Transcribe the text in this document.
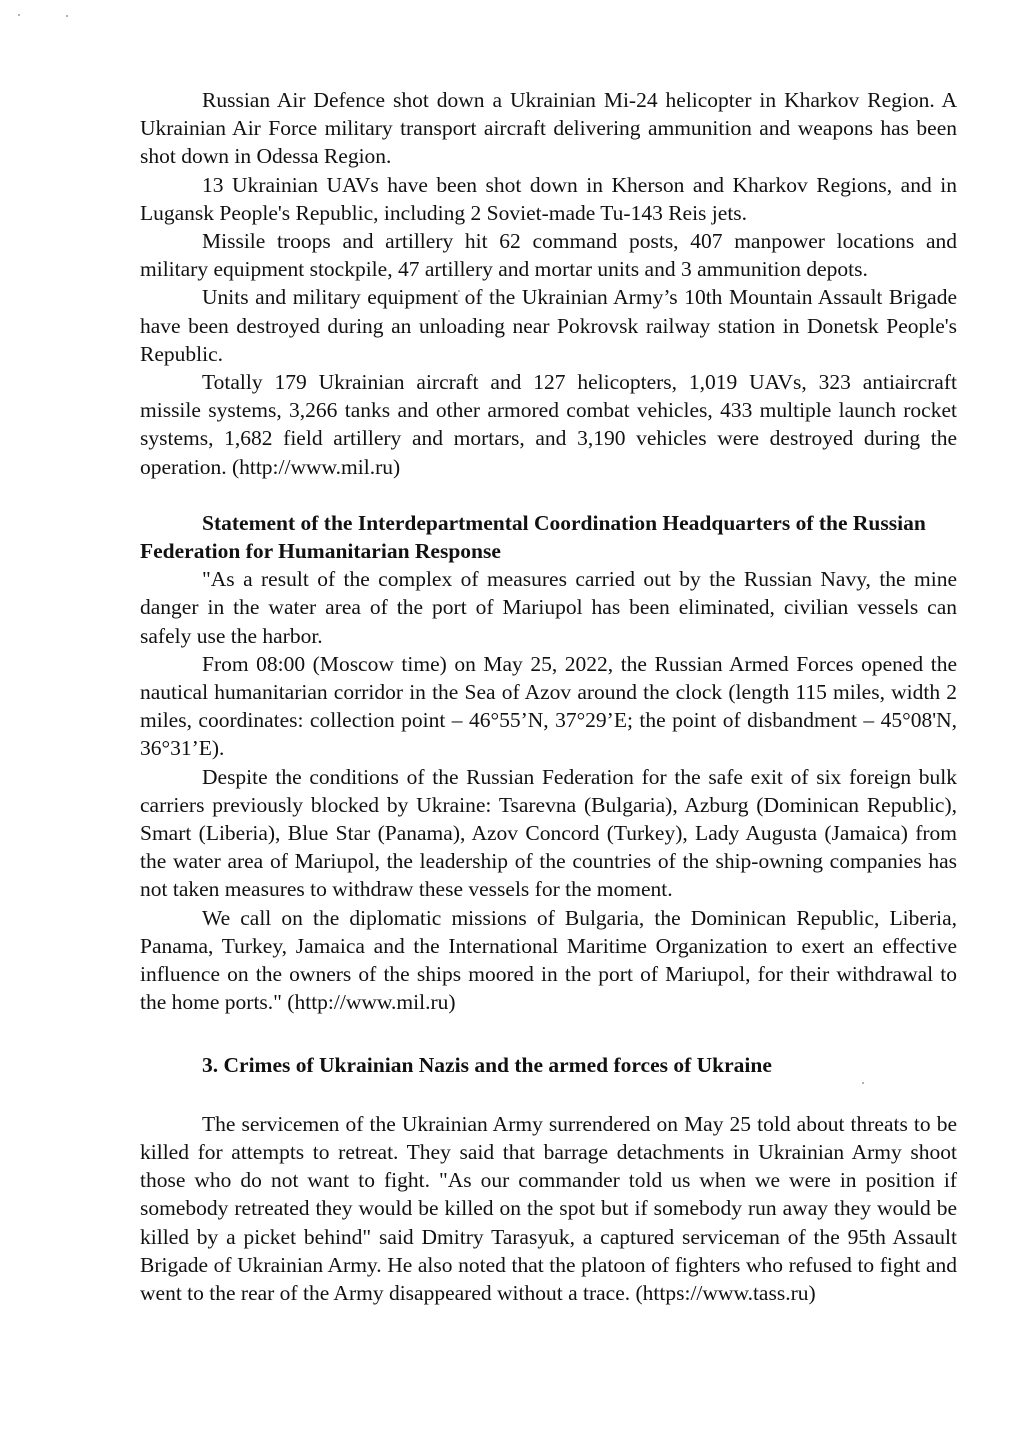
Russian Air Defence shot down a Ukrainian Mi-24 helicopter in Kharkov Region. A Ukrainian Air Force military transport aircraft delivering ammunition and weapons has been shot down in Odessa Region.

13 Ukrainian UAVs have been shot down in Kherson and Kharkov Regions, and in Lugansk People's Republic, including 2 Soviet-made Tu-143 Reis jets.

Missile troops and artillery hit 62 command posts, 407 manpower locations and military equipment stockpile, 47 artillery and mortar units and 3 ammunition depots.

Units and military equipment of the Ukrainian Army’s 10th Mountain Assault Brigade have been destroyed during an unloading near Pokrovsk railway station in Donetsk People's Republic.

Totally 179 Ukrainian aircraft and 127 helicopters, 1,019 UAVs, 323 antiaircraft missile systems, 3,266 tanks and other armored combat vehicles, 433 multiple launch rocket systems, 1,682 field artillery and mortars, and 3,190 vehicles were destroyed during the operation. (http://www.mil.ru)

Statement of the Interdepartmental Coordination Headquarters of the Russian Federation for Humanitarian Response

"As a result of the complex of measures carried out by the Russian Navy, the mine danger in the water area of the port of Mariupol has been eliminated, civilian vessels can safely use the harbor.

From 08:00 (Moscow time) on May 25, 2022, the Russian Armed Forces opened the nautical humanitarian corridor in the Sea of Azov around the clock (length 115 miles, width 2 miles, coordinates: collection point – 46°55’N, 37°29’E; the point of disbandment – 45°08'N, 36°31’E).

Despite the conditions of the Russian Federation for the safe exit of six foreign bulk carriers previously blocked by Ukraine: Tsarevna (Bulgaria), Azburg (Dominican Republic), Smart (Liberia), Blue Star (Panama), Azov Concord (Turkey), Lady Augusta (Jamaica) from the water area of Mariupol, the leadership of the countries of the ship-owning companies has not taken measures to withdraw these vessels for the moment.

We call on the diplomatic missions of Bulgaria, the Dominican Republic, Liberia, Panama, Turkey, Jamaica and the International Maritime Organization to exert an effective influence on the owners of the ships moored in the port of Mariupol, for their withdrawal to the home ports." (http://www.mil.ru)

3. Crimes of Ukrainian Nazis and the armed forces of Ukraine

The servicemen of the Ukrainian Army surrendered on May 25 told about threats to be killed for attempts to retreat. They said that barrage detachments in Ukrainian Army shoot those who do not want to fight. "As our commander told us when we were in position if somebody retreated they would be killed on the spot but if somebody run away they would be killed by a picket behind" said Dmitry Tarasyuk, a captured serviceman of the 95th Assault Brigade of Ukrainian Army. He also noted that the platoon of fighters who refused to fight and went to the rear of the Army disappeared without a trace. (https://www.tass.ru)
